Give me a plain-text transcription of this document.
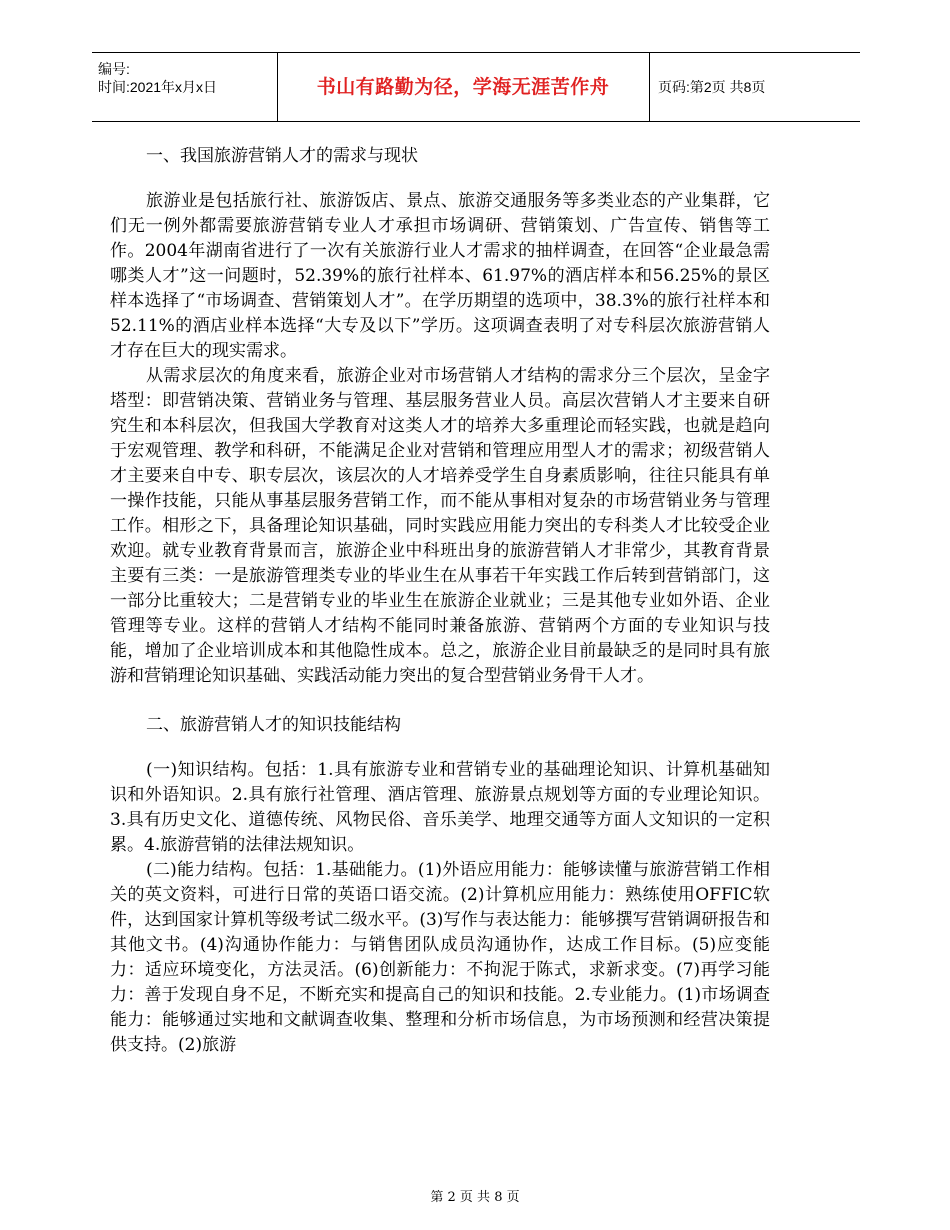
编号:
时间:2021年x月x日	书山有路勤为径，学海无涯苦作舟	页码:第2页 共8页
一、我国旅游营销人才的需求与现状

旅游业是包括旅行社、旅游饭店、景点、旅游交通服务等多类业态的产业集群，它们无一例外都需要旅游营销专业人才承担市场调研、营销策划、广告宣传、销售等工作。2004年湖南省进行了一次有关旅游行业人才需求的抽样调查，在回答“企业最急需哪类人才”这一问题时，52.39%的旅行社样本、61.97%的酒店样本和56.25%的景区样本选择了“市场调查、营销策划人才”。在学历期望的选项中，38.3%的旅行社样本和52.11%的酒店业样本选择“大专及以下”学历。这项调查表明了对专科层次旅游营销人才存在巨大的现实需求。

从需求层次的角度来看，旅游企业对市场营销人才结构的需求分三个层次，呈金字塔型：即营销决策、营销业务与管理、基层服务营业人员。高层次营销人才主要来自研究生和本科层次，但我国大学教育对这类人才的培养大多重理论而轻实践，也就是趋向于宏观管理、教学和科研，不能满足企业对营销和管理应用型人才的需求；初级营销人才主要来自中专、职专层次，该层次的人才培养受学生自身素质影响，往往只能具有单一操作技能，只能从事基层服务营销工作，而不能从事相对复杂的市场营销业务与管理工作。相形之下，具备理论知识基础，同时实践应用能力突出的专科类人才比较受企业欢迎。就专业教育背景而言，旅游企业中科班出身的旅游营销人才非常少，其教育背景主要有三类：一是旅游管理类专业的毕业生在从事若干年实践工作后转到营销部门，这一部分比重较大；二是营销专业的毕业生在旅游企业就业；三是其他专业如外语、企业管理等专业。这样的营销人才结构不能同时兼备旅游、营销两个方面的专业知识与技能，增加了企业培训成本和其他隐性成本。总之，旅游企业目前最缺乏的是同时具有旅游和营销理论知识基础、实践活动能力突出的复合型营销业务骨干人才。

二、旅游营销人才的知识技能结构

(一)知识结构。包括：1.具有旅游专业和营销专业的基础理论知识、计算机基础知识和外语知识。2.具有旅行社管理、酒店管理、旅游景点规划等方面的专业理论知识。3.具有历史文化、道德传统、风物民俗、音乐美学、地理交通等方面人文知识的一定积累。4.旅游营销的法律法规知识。

(二)能力结构。包括：1.基础能力。(1)外语应用能力：能够读懂与旅游营销工作相关的英文资料，可进行日常的英语口语交流。(2)计算机应用能力：熟练使用OFFIC软件，达到国家计算机等级考试二级水平。(3)写作与表达能力：能够撰写营销调研报告和其他文书。(4)沟通协作能力：与销售团队成员沟通协作，达成工作目标。(5)应变能力：适应环境变化，方法灵活。(6)创新能力：不拘泥于陈式，求新求变。(7)再学习能力：善于发现自身不足，不断充实和提高自己的知识和技能。2.专业能力。(1)市场调查能力：能够通过实地和文献调查收集、整理和分析市场信息，为市场预测和经营决策提供支持。(2)旅游

第 2 页 共 8 页
